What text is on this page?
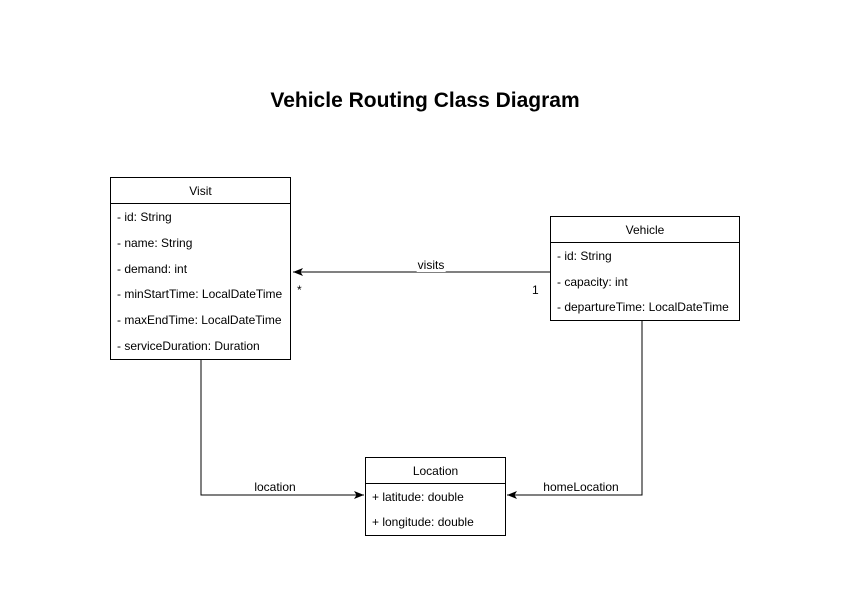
Vehicle Routing Class Diagram
Visit
- id: String
- name: String
- demand: int
- minStartTime: LocalDateTime
- maxEndTime: LocalDateTime
- serviceDuration: Duration
Vehicle
- id: String
- capacity: int
- departureTime: LocalDateTime
Location
+ latitude: double
+ longitude: double
visits
*	1
location	homeLocation
